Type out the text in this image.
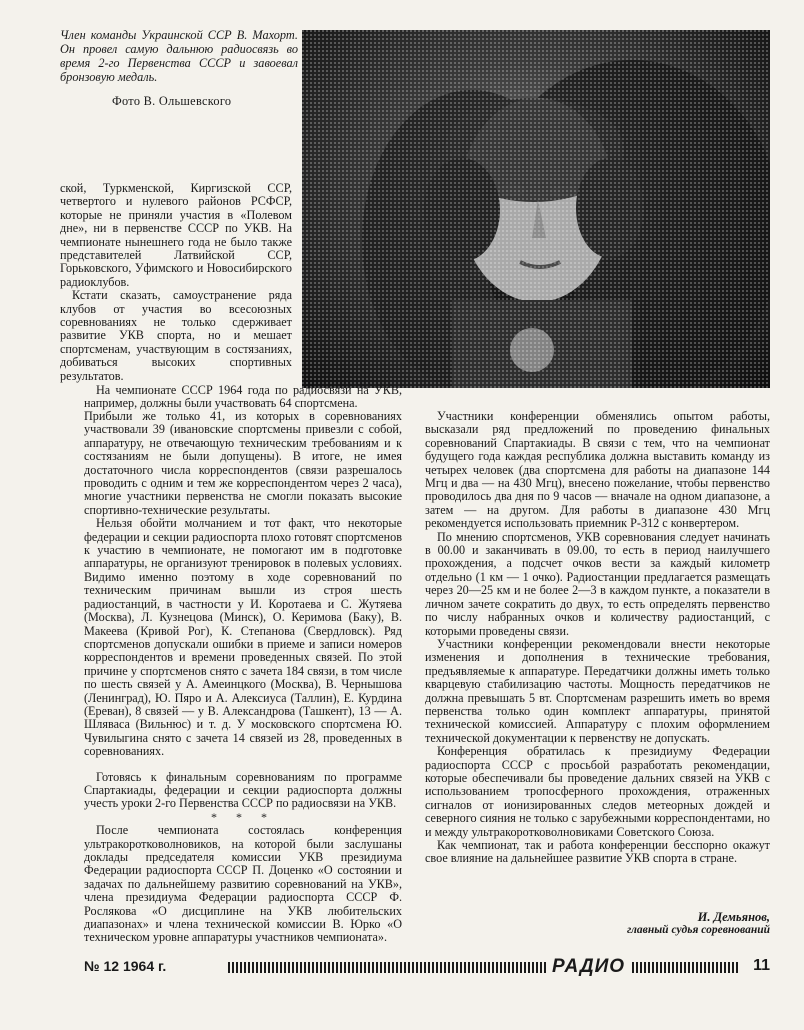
Член команды Украинской ССР В. Махорт. Он провел самую дальнюю радиосвязь во время 2-го Первенства СССР и завоевал бронзовую медаль.
Фото В. Ольшевского

ской, Туркменской, Киргизской ССР, четвертого и нулевого районов РСФСР, которые не приняли участия в «Полевом дне», ни в первенстве СССР по УКВ. На чемпионате нынешнего года не было также представителей Латвийской ССР, Горьковского, Уфимского и Новосибирского радиоклубов.

Кстати сказать, самоустранение ряда клубов от участия во всесоюзных соревнованиях не только сдерживает развитие УКВ спорта, но и мешает спортсменам, участвующим в состязаниях, добиваться высоких спортивных результатов.

На чемпионате СССР 1964 года по радиосвязи на УКВ, например, должны были участвовать 64 спортсмена.

Прибыли же только 41, из которых в соревнованиях участвовали 39 (ивановские спортсмены привезли с собой, аппаратуру, не отвечающую техническим требованиям и к состязаниям не были допущены). В итоге, не имея достаточного числа корреспондентов (связи разрешалось проводить с одним и тем же корреспондентом через 2 часа), многие участники первенства не смогли показать высокие спортивно-технические результаты.

Нельзя обойти молчанием и тот факт, что некоторые федерации и секции радиоспорта плохо готовят спортсменов к участию в чемпионате, не помогают им в подготовке аппаратуры, не организуют тренировок в полевых условиях. Видимо именно поэтому в ходе соревнований по техническим причинам вышли из строя шесть радиостанций, в частности у И. Коротаева и С. Жутяева (Москва), Л. Кузнецова (Минск), О. Керимова (Баку), В. Макеева (Кривой Рог), К. Степанова (Свердловск). Ряд спортсменов допускали ошибки в приеме и записи номеров корреспондентов и времени проведенных связей. По этой причине у спортсменов снято с зачета 184 связи, в том числе по шесть связей у А. Амеинцкого (Москва), В. Чернышова (Ленинград), Ю. Пяро и А. Алексиуса (Таллин), Е. Курдина (Ереван), 8 связей — у В. Александрова (Ташкент), 13 — А. Шляваса (Вильнюс) и т. д. У московского спортсмена Ю. Чувилыгина снято с зачета 14 связей из 28, проведенных в соревнованиях.

Готовясь к финальным соревнованиям по программе Спартакиады, федерации и секции радиоспорта должны учесть уроки 2-го Первенства СССР по радиосвязи на УКВ.

* * *

После чемпионата состоялась конференция ультракоротковолновиков, на которой были заслушаны доклады председателя комиссии УКВ президиума Федерации радиоспорта СССР П. Доценко «О состоянии и задачах по дальнейшему развитию соревнований на УКВ», члена президиума Федерации радиоспорта СССР Ф. Рослякова «О дисциплине на УКВ любительских диапазонах» и члена технической комиссии В. Юрко «О техническом уровне аппаратуры участников чемпионата».

Участники конференции обменялись опытом работы, высказали ряд предложений по проведению финальных соревнований Спартакиады. В связи с тем, что на чемпионат будущего года каждая республика должна выставить команду из четырех человек (два спортсмена для работы на диапазоне 144 Мгц и два — на 430 Мгц), внесено пожелание, чтобы первенство проводилось два дня по 9 часов — вначале на одном диапазоне, а затем — на другом. Для работы в диапазоне 430 Мгц рекомендуется использовать приемник Р-312 с конвертером.

По мнению спортсменов, УКВ соревнования следует начинать в 00.00 и заканчивать в 09.00, то есть в период наилучшего прохождения, а подсчет очков вести за каждый километр отдельно (1 км — 1 очко). Радиостанции предлагается размещать через 20—25 км и не более 2—3 в каждом пункте, а показатели в личном зачете сократить до двух, то есть определять первенство по числу набранных очков и количеству радиостанций, с которыми проведены связи.

Участники конференции рекомендовали внести некоторые изменения и дополнения в технические требования, предъявляемые к аппаратуре. Передатчики должны иметь только кварцевую стабилизацию частоты. Мощность передатчиков не должна превышать 5 вт. Спортсменам разрешить иметь во время первенства только один комплект аппаратуры, принятой технической комиссией. Аппаратуру с плохим оформлением технической документации к первенству не допускать.

Конференция обратилась к президиуму Федерации радиоспорта СССР с просьбой разработать рекомендации, которые обеспечивали бы проведение дальних связей на УКВ с использованием тропосферного прохождения, отраженных сигналов от ионизированных следов метеорных дождей и северного сияния не только с зарубежными корреспондентами, но и между ультракоротковолновиками Советского Союза.

Как чемпионат, так и работа конференции бесспорно окажут свое влияние на дальнейшее развитие УКВ спорта в стране.

И. Демьянов,
главный судья соревнований
№ 12 1964 г.	РАДИО	11
